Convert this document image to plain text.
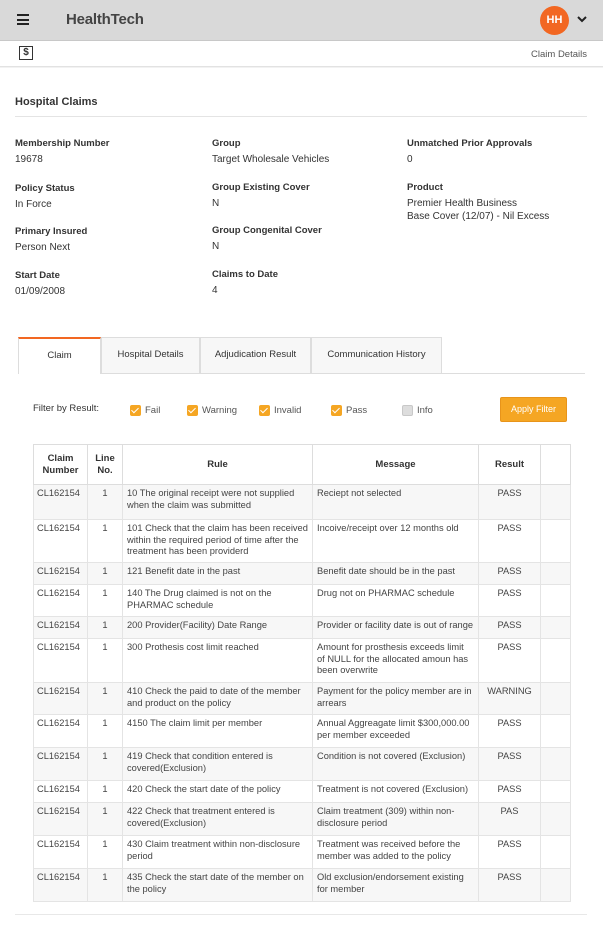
HealthTech	HH
$	Claim Details
Hospital Claims
Membership Number
19678
Policy Status
In Force
Primary Insured
Person Next
Start Date
01/09/2008
Group
Target Wholesale Vehicles
Group Existing Cover
N
Group Congenital Cover
N
Claims to Date
4
Unmatched Prior Approvals
0
Product
Premier Health Business
Base Cover (12/07) - Nil Excess
Claim	Hospital Details	Adjudication Result	Communication History
Filter by Result:	Fail	Warning	Invalid	Pass	Info	Apply Filter
Claim Number	Line No.	Rule	Message	Result	
CL162154	1	10 The original receipt were not supplied when the claim was submitted	Reciept not selected	PASS	
CL162154	1	101 Check that the claim has been received within the required period of time after the treatment has been providerd	Incoive/receipt over 12 months old	PASS	
CL162154	1	121 Benefit date in the past	Benefit date should be in the past	PASS	
CL162154	1	140 The Drug claimed is not on the PHARMAC schedule	Drug not on PHARMAC schedule	PASS	
CL162154	1	200 Provider(Facility) Date Range	Provider or facility date is out of range	PASS	
CL162154	1	300 Prothesis cost limit reached	Amount for prosthesis exceeds limit of NULL for the allocated amoun has been overwrite	PASS	
CL162154	1	410 Check the paid to date of the member and product on the policy	Payment for the policy member are in arrears	WARNING	
CL162154	1	4150 The claim limit per member	Annual Aggreagate limit $300,000.00 per member exceeded	PASS	
CL162154	1	419 Check that condition entered is covered(Exclusion)	Condition is not covered (Exclusion)	PASS	
CL162154	1	420 Check the start date of the policy	Treatment is not covered (Exclusion)	PASS	
CL162154	1	422 Check that treatment entered is covered(Exclusion)	Claim treatment (309) within non-disclosure period	PAS	
CL162154	1	430 Claim treatment within non-disclosure period	Treatment was received before the member was added to the policy	PASS	
CL162154	1	435 Check the start date of the member on the policy	Old exclusion/endorsement existing for member	PASS	
